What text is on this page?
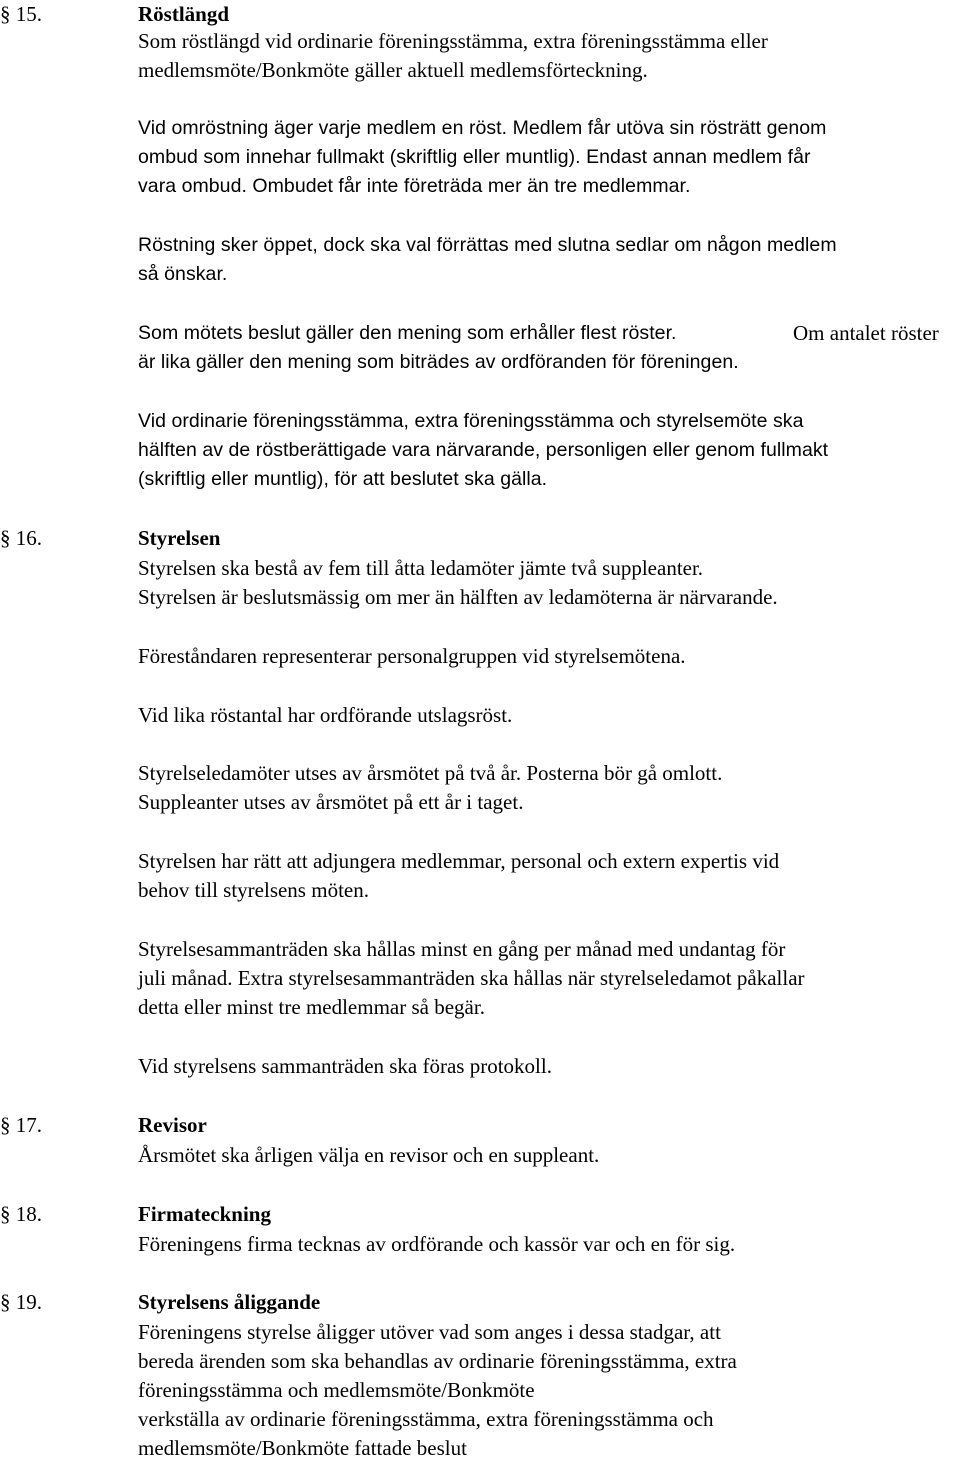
§ 15.	Röstlängd
Som röstlängd vid ordinarie föreningsstämma, extra föreningsstämma eller
medlemsmöte/Bonkmöte gäller aktuell medlemsförteckning.
Vid omröstning äger varje medlem en röst. Medlem får utöva sin rösträtt genom
ombud som innehar fullmakt (skriftlig eller muntlig). Endast annan medlem får
vara ombud. Ombudet får inte företräda mer än tre medlemmar.
Röstning sker öppet, dock ska val förrättas med slutna sedlar om någon medlem
så önskar.
Som mötets beslut gäller den mening som erhåller flest röster.	Om antalet röster
är lika gäller den mening som biträdes av ordföranden för föreningen.
Vid ordinarie föreningsstämma, extra föreningsstämma och styrelsemöte ska
hälften av de röstberättigade vara närvarande, personligen eller genom fullmakt
(skriftlig eller muntlig), för att beslutet ska gälla.
§ 16.	Styrelsen
Styrelsen ska bestå av fem till åtta ledamöter jämte två suppleanter.
Styrelsen är beslutsmässig om mer än hälften av ledamöterna är närvarande.
Föreståndaren representerar personalgruppen vid styrelsemötena.
Vid lika röstantal har ordförande utslagsröst.
Styrelseledamöter utses av årsmötet på två år. Posterna bör gå omlott.
Suppleanter utses av årsmötet på ett år i taget.
Styrelsen har rätt att adjungera medlemmar, personal och extern expertis vid
behov till styrelsens möten.
Styrelsesammanträden ska hållas minst en gång per månad med undantag för
juli månad. Extra styrelsesammanträden ska hållas när styrelseledamot påkallar
detta eller minst tre medlemmar så begär.
Vid styrelsens sammanträden ska föras protokoll.
§ 17.	Revisor
Årsmötet ska årligen välja en revisor och en suppleant.
§ 18.	Firmateckning
Föreningens firma tecknas av ordförande och kassör var och en för sig.
§ 19.	Styrelsens åliggande
Föreningens styrelse åligger utöver vad som anges i dessa stadgar, att
bereda ärenden som ska behandlas av ordinarie föreningsstämma, extra
föreningsstämma och medlemsmöte/Bonkmöte
verkställa av ordinarie föreningsstämma, extra föreningsstämma och
medlemsmöte/Bonkmöte fattade beslut
